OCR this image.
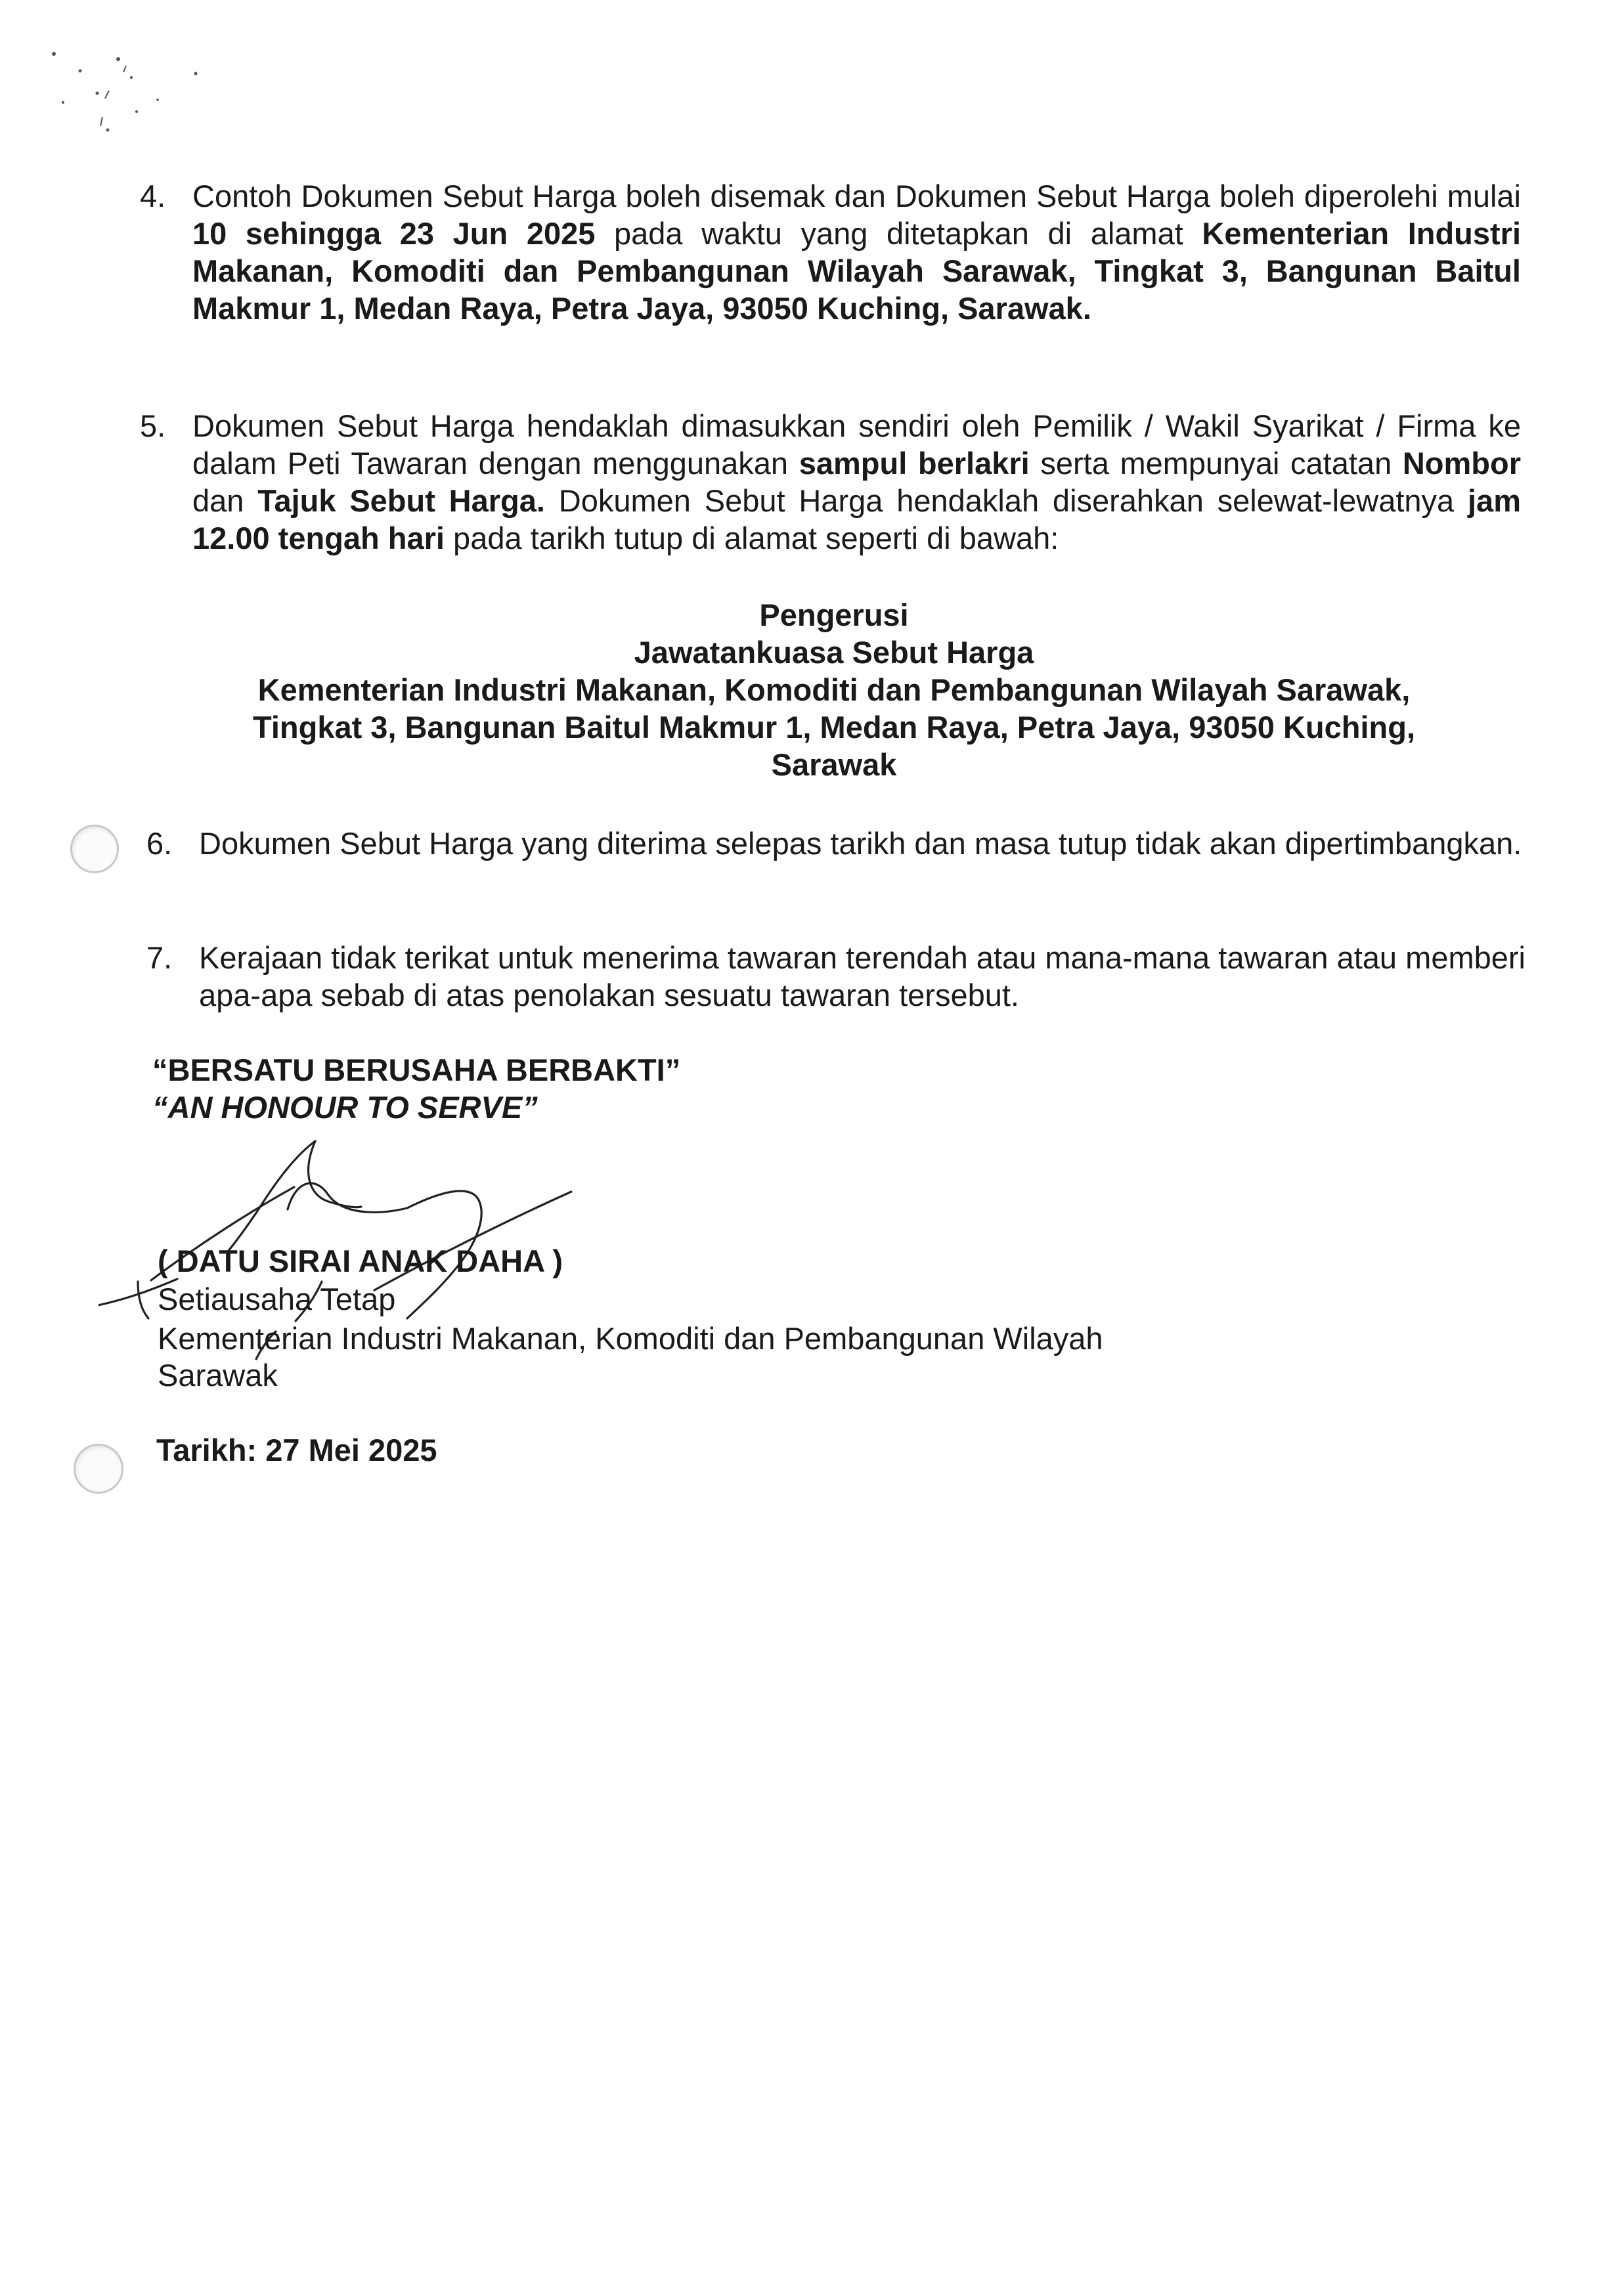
4. Contoh Dokumen Sebut Harga boleh disemak dan Dokumen Sebut Harga boleh diperolehi mulai 10 sehingga 23 Jun 2025 pada waktu yang ditetapkan di alamat Kementerian Industri Makanan, Komoditi dan Pembangunan Wilayah Sarawak, Tingkat 3, Bangunan Baitul Makmur 1, Medan Raya, Petra Jaya, 93050 Kuching, Sarawak.
5. Dokumen Sebut Harga hendaklah dimasukkan sendiri oleh Pemilik / Wakil Syarikat / Firma ke dalam Peti Tawaran dengan menggunakan sampul berlakri serta mempunyai catatan Nombor dan Tajuk Sebut Harga. Dokumen Sebut Harga hendaklah diserahkan selewat-lewatnya jam 12.00 tengah hari pada tarikh tutup di alamat seperti di bawah:
Pengerusi
Jawatankuasa Sebut Harga
Kementerian Industri Makanan, Komoditi dan Pembangunan Wilayah Sarawak,
Tingkat 3, Bangunan Baitul Makmur 1, Medan Raya, Petra Jaya, 93050 Kuching,
Sarawak
6. Dokumen Sebut Harga yang diterima selepas tarikh dan masa tutup tidak akan dipertimbangkan.
7. Kerajaan tidak terikat untuk menerima tawaran terendah atau mana-mana tawaran atau memberi apa-apa sebab di atas penolakan sesuatu tawaran tersebut.
“BERSATU BERUSAHA BERBAKTI”
“AN HONOUR TO SERVE”
( DATU SIRAI ANAK DAHA )
Setiausaha Tetap
Kementerian Industri Makanan, Komoditi dan Pembangunan Wilayah
Sarawak
Tarikh: 27 Mei 2025
